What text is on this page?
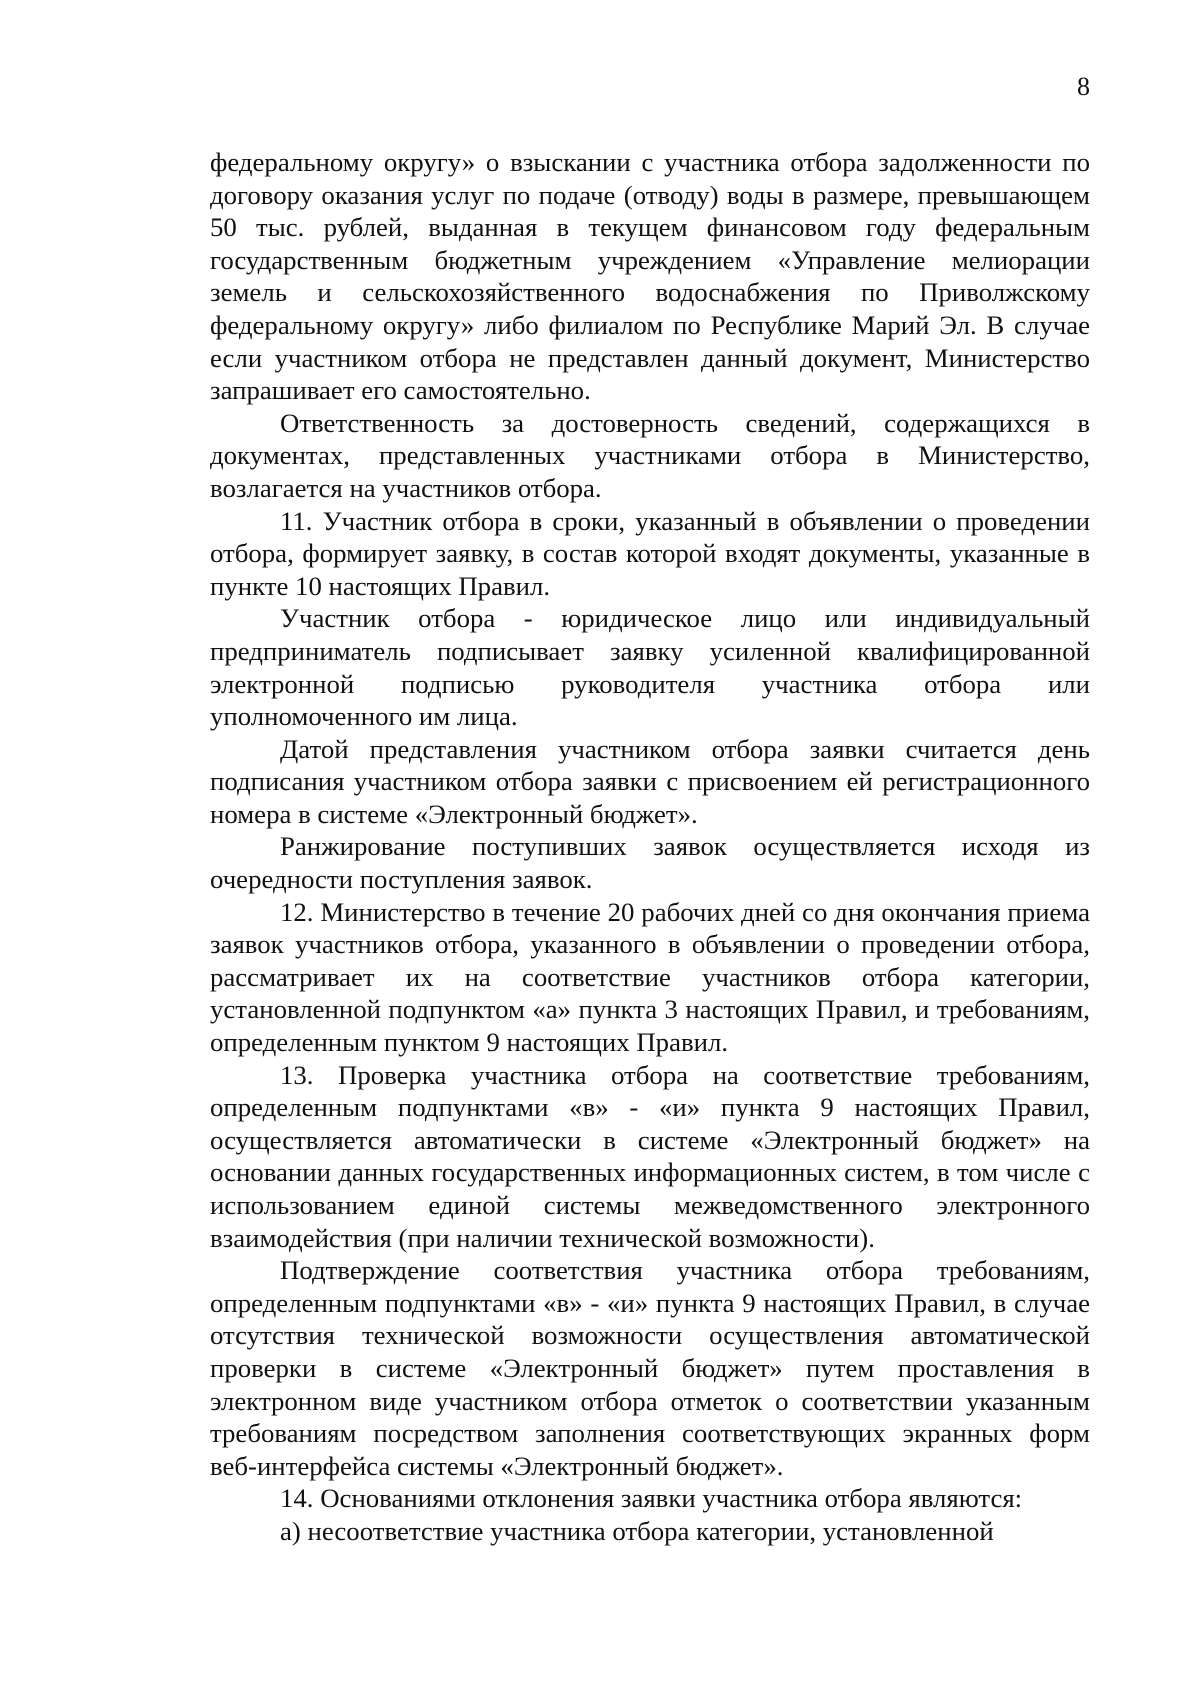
8

федеральному округу» о взыскании с участника отбора задолженности по договору оказания услуг по подаче (отводу) воды в размере, превышающем 50 тыс. рублей, выданная в текущем финансовом году федеральным государственным бюджетным учреждением «Управление мелиорации земель и сельскохозяйственного водоснабжения по Приволжскому федеральному округу» либо филиалом по Республике Марий Эл. В случае если участником отбора не представлен данный документ, Министерство запрашивает его самостоятельно.

Ответственность за достоверность сведений, содержащихся в документах, представленных участниками отбора в Министерство, возлагается на участников отбора.

11. Участник отбора в сроки, указанный в объявлении о проведении отбора, формирует заявку, в состав которой входят документы, указанные в пункте 10 настоящих Правил.

Участник отбора - юридическое лицо или индивидуальный предприниматель подписывает заявку усиленной квалифицированной электронной подписью руководителя участника отбора или уполномоченного им лица.

Датой представления участником отбора заявки считается день подписания участником отбора заявки с присвоением ей регистрационного номера в системе «Электронный бюджет».

Ранжирование поступивших заявок осуществляется исходя из очередности поступления заявок.

12. Министерство в течение 20 рабочих дней со дня окончания приема заявок участников отбора, указанного в объявлении о проведении отбора, рассматривает их на соответствие участников отбора категории, установленной подпунктом «а» пункта 3 настоящих Правил, и требованиям, определенным пунктом 9 настоящих Правил.

13. Проверка участника отбора на соответствие требованиям, определенным подпунктами «в» - «и» пункта 9 настоящих Правил, осуществляется автоматически в системе «Электронный бюджет» на основании данных государственных информационных систем, в том числе с использованием единой системы межведомственного электронного взаимодействия (при наличии технической возможности).

Подтверждение соответствия участника отбора требованиям, определенным подпунктами «в» - «и» пункта 9 настоящих Правил, в случае отсутствия технической возможности осуществления автоматической проверки в системе «Электронный бюджет» путем проставления в электронном виде участником отбора отметок о соответствии указанным требованиям посредством заполнения соответствующих экранных форм веб-интерфейса системы «Электронный бюджет».

14. Основаниями отклонения заявки участника отбора являются:

а) несоответствие участника отбора категории, установленной
